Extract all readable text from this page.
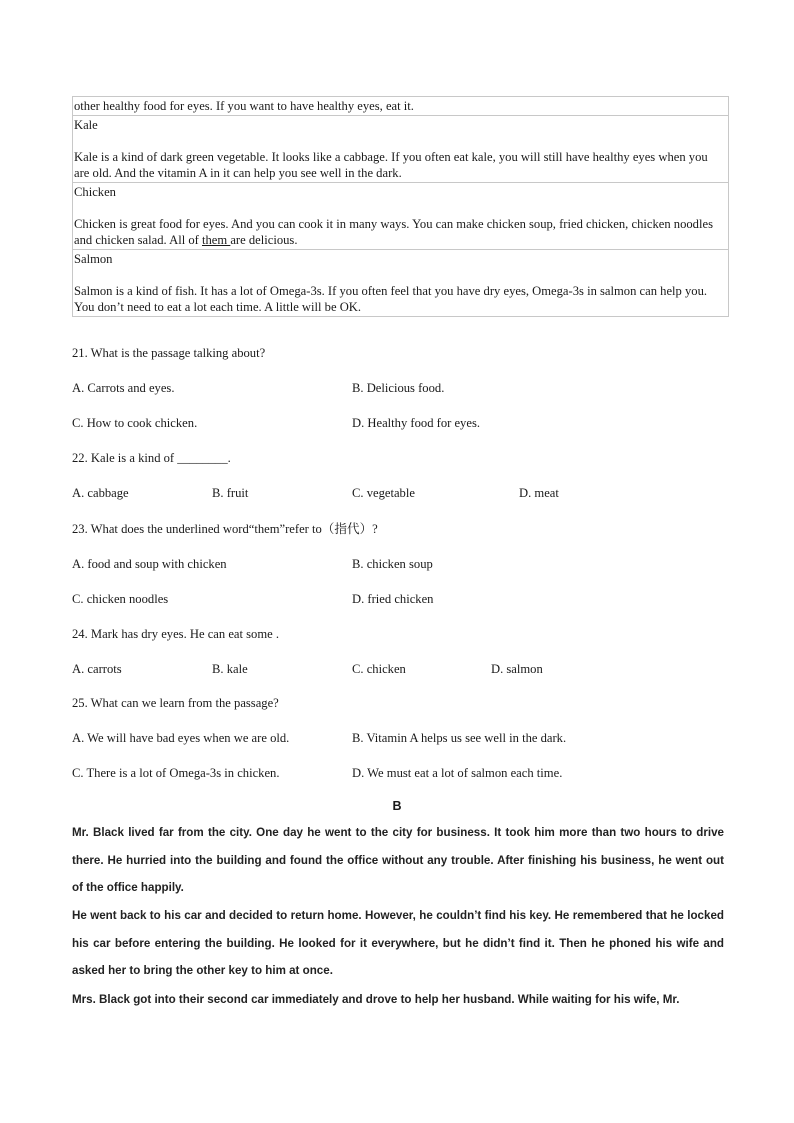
other healthy food for eyes. If you want to have healthy eyes, eat it.

Kale
Kale is a kind of dark green vegetable. It looks like a cabbage. If you often eat kale, you will still have healthy eyes when you are old. And the vitamin A in it can help you see well in the dark.

Chicken
Chicken is great food for eyes. And you can cook it in many ways. You can make chicken soup, fried chicken, chicken noodles and chicken salad. All of them are delicious.

Salmon
Salmon is a kind of fish. It has a lot of Omega-3s. If you often feel that you have dry eyes, Omega-3s in salmon can help you. You don’t need to eat a lot each time. A little will be OK.
21. What is the passage talking about?
A. Carrots and eyes.	B. Delicious food.
C. How to cook chicken.	D. Healthy food for eyes.
22. Kale is a kind of ________.
A. cabbage	B. fruit	C. vegetable	D. meat
23. What does the underlined word“them”refer to（指代）?
A. food and soup with chicken	B. chicken soup
C. chicken noodles	D. fried chicken
24. Mark has dry eyes. He can eat some .
A. carrots	B. kale	C. chicken	D. salmon
25. What can we learn from the passage?
A. We will have bad eyes when we are old.	B. Vitamin A helps us see well in the dark.
C. There is a lot of Omega-3s in chicken.	D. We must eat a lot of salmon each time.
B
Mr. Black lived far from the city. One day he went to the city for business. It took him more than two hours to drive there. He hurried into the building and found the office without any trouble. After finishing his business, he went out of the office happily.
He went back to his car and decided to return home. However, he couldn’t find his key. He remembered that he locked his car before entering the building. He looked for it everywhere, but he didn’t find it. Then he phoned his wife and asked her to bring the other key to him at once.
Mrs. Black got into their second car immediately and drove to help her husband. While waiting for his wife, Mr.
